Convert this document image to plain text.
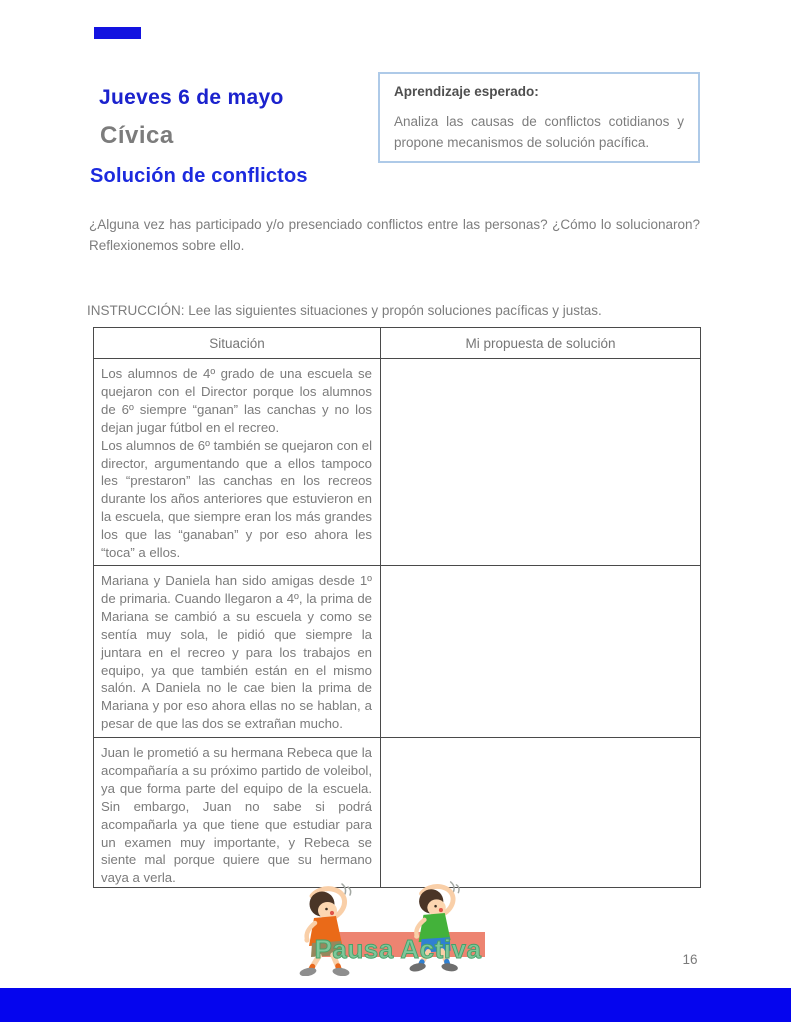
Jueves 6 de mayo
Cívica
Solución de conflictos
Aprendizaje esperado:
Analiza las causas de conflictos cotidianos y propone mecanismos de solución pacífica.
¿Alguna vez has participado y/o presenciado conflictos entre las personas? ¿Cómo lo solucionaron? Reflexionemos sobre ello.
INSTRUCCIÓN: Lee las siguientes situaciones y propón soluciones pacíficas y justas.
Situación	Mi propuesta de solución

Los alumnos de 4º grado de una escuela se quejaron con el Director porque los alumnos de 6º siempre “ganan” las canchas y no los dejan jugar fútbol en el recreo.

Los alumnos de 6º también se quejaron con el director, argumentando que a ellos tampoco les “prestaron” las canchas en los recreos durante los años anteriores que estuvieron en la escuela, que siempre eran los más grandes los que las “ganaban” y por eso ahora les “toca” a ellos.	

Mariana y Daniela han sido amigas desde 1º de primaria. Cuando llegaron a 4º, la prima de Mariana se cambió a su escuela y como se sentía muy sola, le pidió que siempre la juntara en el recreo y para los trabajos en equipo, ya que también están en el mismo salón. A Daniela no le cae bien la prima de Mariana y por eso ahora ellas no se hablan, a pesar de que las dos se extrañan mucho.	

Juan le prometió a su hermana Rebeca que la acompañaría a su próximo partido de voleibol, ya que forma parte del equipo de la escuela. Sin embargo, Juan no sabe si podrá acompañarla ya que tiene que estudiar para un examen muy importante, y Rebeca se siente mal porque quiere que su hermano vaya a verla.	

Pausa Activa	16
